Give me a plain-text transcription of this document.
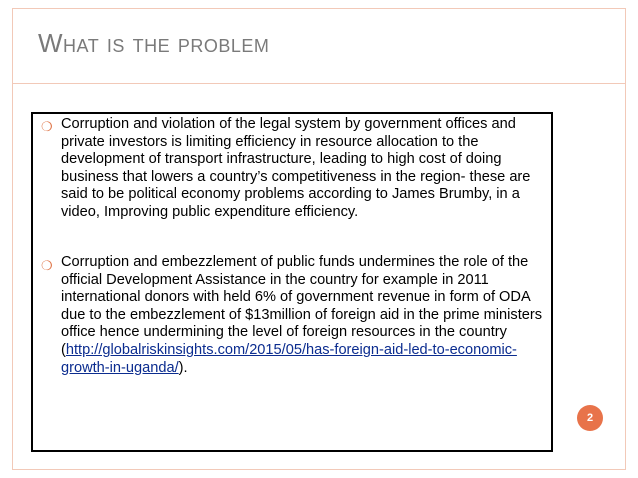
What is the problem
❍ Corruption and violation of the legal system by government offices and private investors is limiting efficiency in resource allocation to the development of transport infrastructure, leading to high cost of doing business that lowers a country’s competitiveness in the region- these are said to be political economy problems according to James Brumby, in a video, Improving public expenditure efficiency.
❍ Corruption and embezzlement of public funds undermines the role of the official Development Assistance in the country for example in 2011 international donors with held 6% of government revenue in form of ODA due to the embezzlement of $13million of foreign aid in the prime ministers office hence undermining the level of foreign resources in the country (http://globalriskinsights.com/2015/05/has-foreign-aid-led-to-economic-growth-in-uganda/).
2
